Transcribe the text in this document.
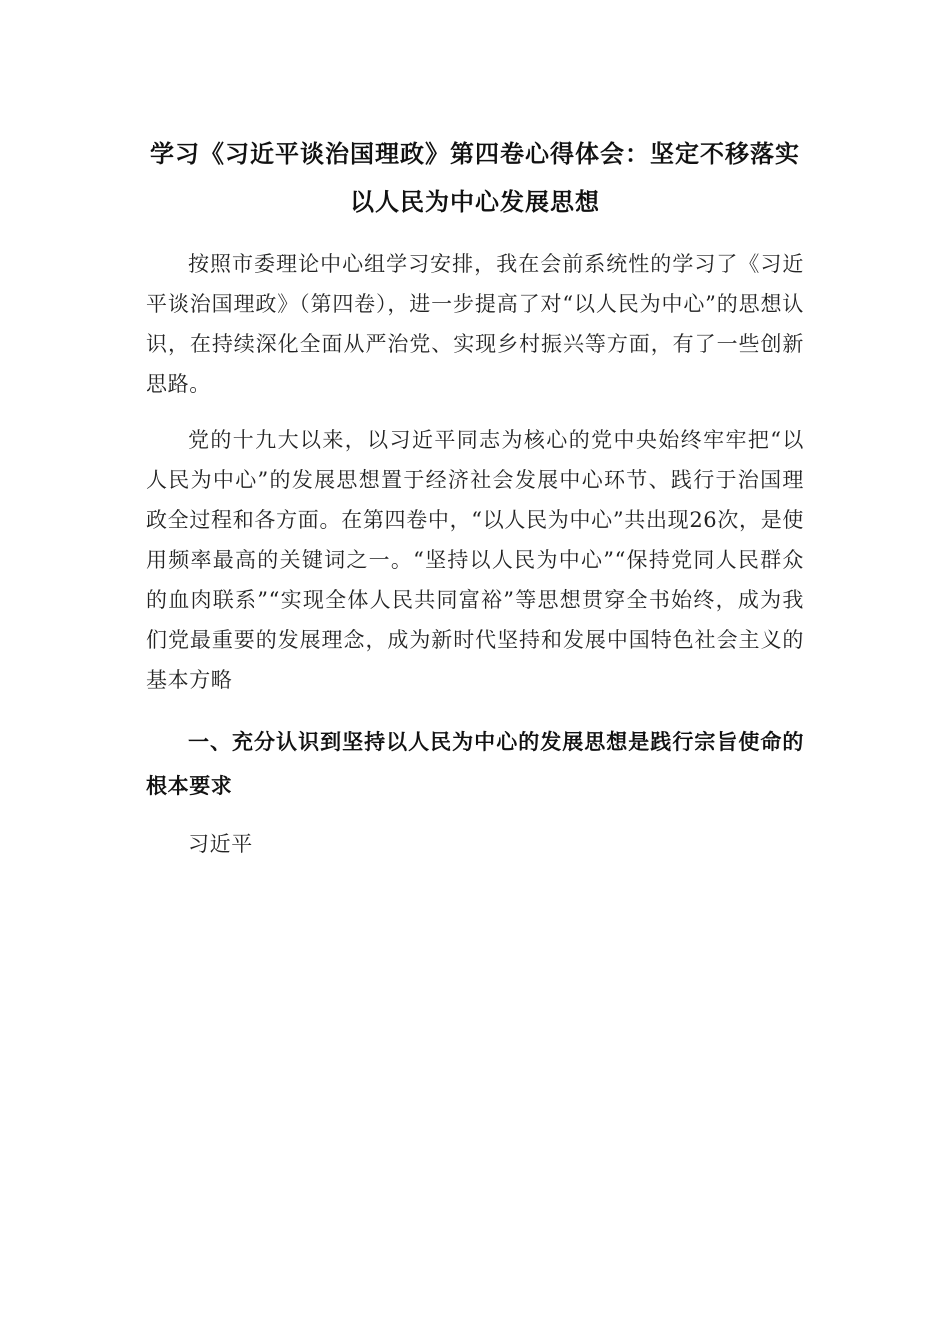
学习《习近平谈治国理政》第四卷心得体会：坚定不移落实以人民为中心发展思想

按照市委理论中心组学习安排，我在会前系统性的学习了《习近平谈治国理政》（第四卷），进一步提高了对“以人民为中心”的思想认识，在持续深化全面从严治党、实现乡村振兴等方面，有了一些创新思路。

党的十九大以来，以习近平同志为核心的党中央始终牢牢把“以人民为中心”的发展思想置于经济社会发展中心环节、践行于治国理政全过程和各方面。在第四卷中，“以人民为中心”共出现26次，是使用频率最高的关键词之一。“坚持以人民为中心”“保持党同人民群众的血肉联系”“实现全体人民共同富裕”等思想贯穿全书始终，成为我们党最重要的发展理念，成为新时代坚持和发展中国特色社会主义的基本方略

一、充分认识到坚持以人民为中心的发展思想是践行宗旨使命的根本要求

习近平
